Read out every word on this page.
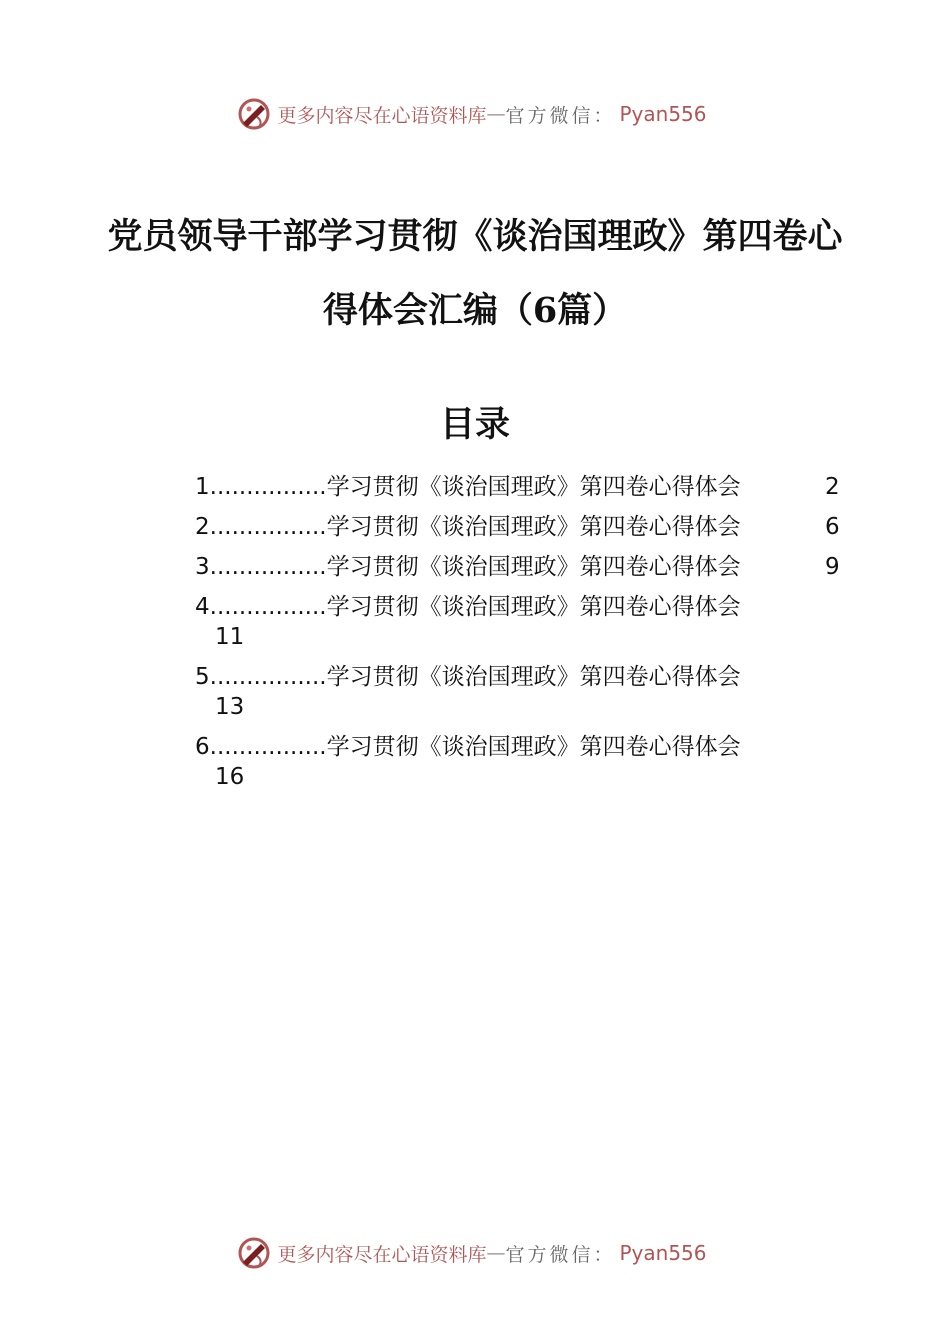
更多内容尽在心语资料库 — 官方微信： Pyan556
党员领导干部学习贯彻《谈治国理政》第四卷心得体会汇编（6篇）
目录
1................学习贯彻《谈治国理政》第四卷心得体会	2
2................学习贯彻《谈治国理政》第四卷心得体会	6
3................学习贯彻《谈治国理政》第四卷心得体会	9
4................学习贯彻《谈治国理政》第四卷心得体会
11
5................学习贯彻《谈治国理政》第四卷心得体会
13
6................学习贯彻《谈治国理政》第四卷心得体会
16
更多内容尽在心语资料库 — 官方微信： Pyan556
